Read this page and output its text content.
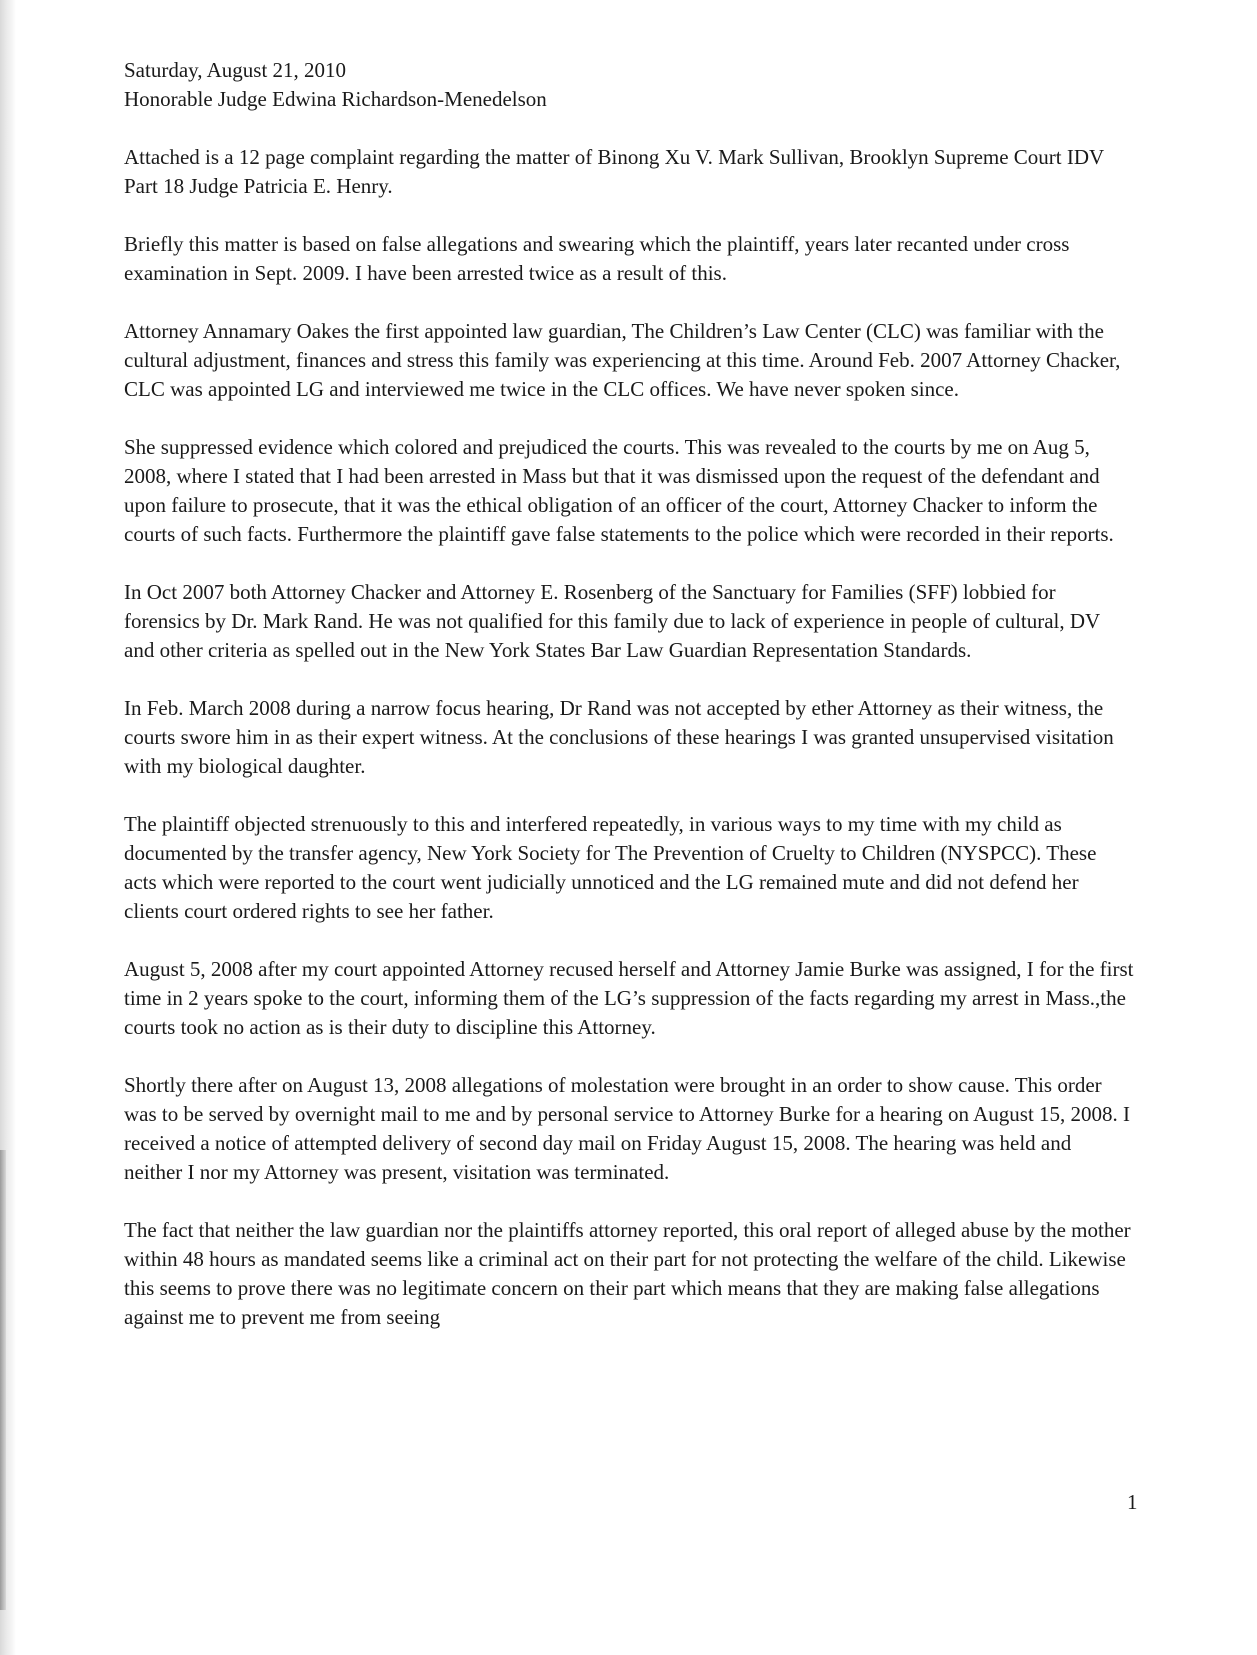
Saturday, August 21, 2010

Honorable Judge Edwina Richardson-Menedelson

Attached is a 12 page complaint regarding the matter of Binong Xu V. Mark Sullivan, Brooklyn Supreme Court IDV Part 18 Judge Patricia E. Henry.

Briefly this matter is based on false allegations and swearing which the plaintiff, years later recanted under cross examination in Sept. 2009. I have been arrested twice as a result of this.

Attorney Annamary Oakes the first appointed law guardian, The Children’s Law Center (CLC) was familiar with the cultural adjustment, finances and stress this family was experiencing at this time. Around Feb. 2007 Attorney Chacker, CLC was appointed LG and interviewed me twice in the CLC offices. We have never spoken since.

She suppressed evidence which colored and prejudiced the courts. This was revealed to the courts by me on Aug 5, 2008, where I stated that I had been arrested in Mass but that it was dismissed upon the request of the defendant and upon failure to prosecute, that it was the ethical obligation of an officer of the court, Attorney Chacker to inform the courts of such facts. Furthermore the plaintiff gave false statements to the police which were recorded in their reports.

In Oct 2007 both Attorney Chacker and Attorney E. Rosenberg of the Sanctuary for Families (SFF) lobbied for forensics by Dr. Mark Rand. He was not qualified for this family due to lack of experience in people of cultural, DV and other criteria as spelled out in the New York States Bar Law Guardian Representation Standards.

In Feb. March 2008 during a narrow focus hearing, Dr Rand was not accepted by ether Attorney as their witness, the courts swore him in as their expert witness. At the conclusions of these hearings I was granted unsupervised visitation with my biological daughter.

The plaintiff objected strenuously to this and interfered repeatedly, in various ways to my time with my child as documented by the transfer agency, New York Society for The Prevention of Cruelty to Children (NYSPCC). These acts which were reported to the court went judicially unnoticed and the LG remained mute and did not defend her clients court ordered rights to see her father.

August 5, 2008 after my court appointed Attorney recused herself and Attorney Jamie Burke was assigned, I for the first time in 2 years spoke to the court, informing them of the LG’s suppression of the facts regarding my arrest in Mass.,the courts took no action as is their duty to discipline this Attorney.

Shortly there after on August 13, 2008 allegations of molestation were brought in an order to show cause. This order was to be served by overnight mail to me and by personal service to Attorney Burke for a hearing on August 15, 2008. I received a notice of attempted delivery of second day mail on Friday August 15, 2008. The hearing was held and neither I nor my Attorney was present, visitation was terminated.

The fact that neither the law guardian nor the plaintiffs attorney reported, this oral report of alleged abuse by the mother within 48 hours as mandated seems like a criminal act on their part for not protecting the welfare of the child. Likewise this seems to prove there was no legitimate concern on their part which means that they are making false allegations against me to prevent me from seeing

1
